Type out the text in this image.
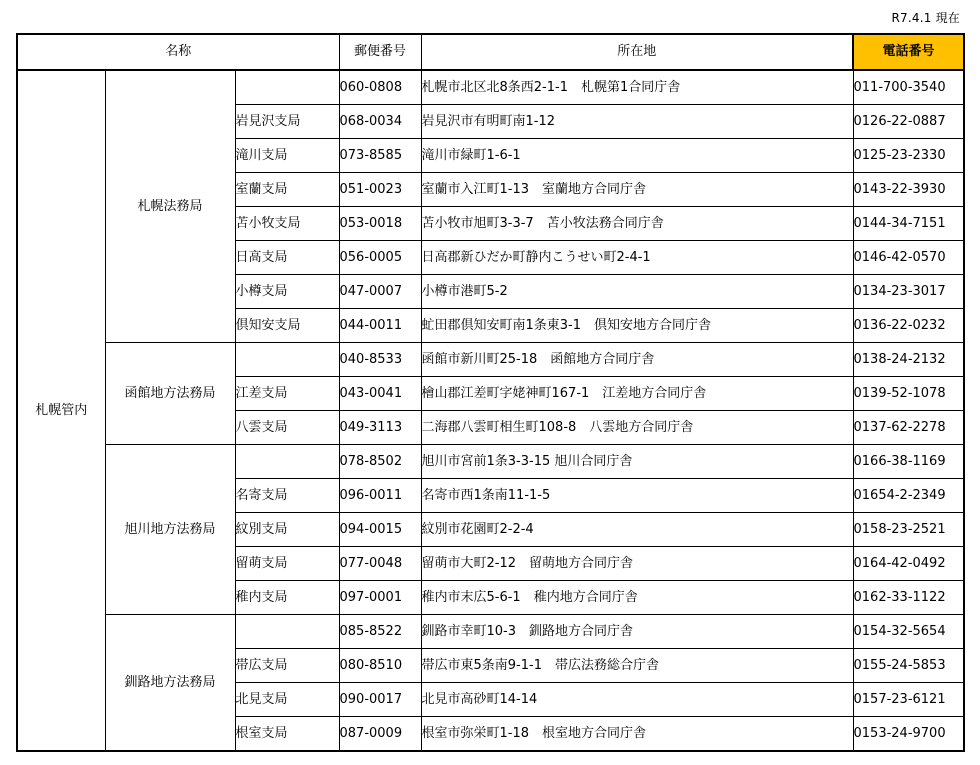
R7.4.1 現在
名称			郵便番号	所在地	電話番号
札幌管内	札幌法務局		060-0808	札幌市北区北8条西2-1-1　札幌第1合同庁舎	011-700-3540
		岩見沢支局	068-0034	岩見沢市有明町南1-12	0126-22-0887
		滝川支局	073-8585	滝川市緑町1-6-1	0125-23-2330
		室蘭支局	051-0023	室蘭市入江町1-13　室蘭地方合同庁舎	0143-22-3930
		苫小牧支局	053-0018	苫小牧市旭町3-3-7　苫小牧法務合同庁舎	0144-34-7151
		日高支局	056-0005	日高郡新ひだか町静内こうせい町2-4-1	0146-42-0570
		小樽支局	047-0007	小樽市港町5-2	0134-23-3017
		倶知安支局	044-0011	虻田郡倶知安町南1条東3-1　倶知安地方合同庁舎	0136-22-0232
	函館地方法務局		040-8533	函館市新川町25-18　函館地方合同庁舎	0138-24-2132
		江差支局	043-0041	檜山郡江差町字姥神町167-1　江差地方合同庁舎	0139-52-1078
		八雲支局	049-3113	二海郡八雲町相生町108-8　八雲地方合同庁舎	0137-62-2278
	旭川地方法務局		078-8502	旭川市宮前1条3-3-15 旭川合同庁舎	0166-38-1169
		名寄支局	096-0011	名寄市西1条南11-1-5	01654-2-2349
		紋別支局	094-0015	紋別市花園町2-2-4	0158-23-2521
		留萌支局	077-0048	留萌市大町2-12　留萌地方合同庁舎	0164-42-0492
		稚内支局	097-0001	稚内市末広5-6-1　稚内地方合同庁舎	0162-33-1122
	釧路地方法務局		085-8522	釧路市幸町10-3　釧路地方合同庁舎	0154-32-5654
		帯広支局	080-8510	帯広市東5条南9-1-1　帯広法務総合庁舎	0155-24-5853
		北見支局	090-0017	北見市高砂町14-14	0157-23-6121
		根室支局	087-0009	根室市弥栄町1-18　根室地方合同庁舎	0153-24-9700
